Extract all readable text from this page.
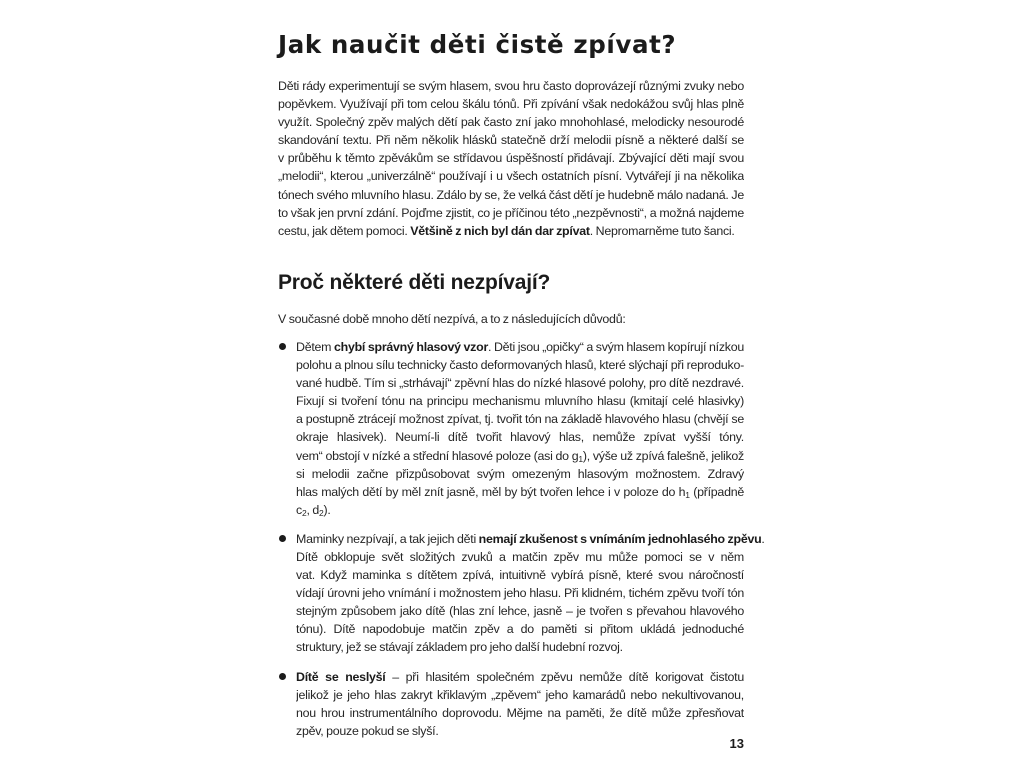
Jak naučit děti čistě zpívat?
Děti rády experimentují se svým hlasem, svou hru často doprovázejí různými zvuky nebo
popěvkem. Využívají při tom celou škálu tónů. Při zpívání však nedokážou svůj hlas plně
využít. Společný zpěv malých dětí pak často zní jako mnohohlasé, melodicky nesourodé
skandování textu. Při něm několik hlásků statečně drží melodii písně a některé další se
v průběhu k těmto zpěvákům se střídavou úspěšností přidávají. Zbývající děti mají svou
„melodii“, kterou „univerzálně“ používají i u všech ostatních písní. Vytvářejí ji na několika
tónech svého mluvního hlasu. Zdálo by se, že velká část dětí je hudebně málo nadaná. Je
to však jen první zdání. Pojďme zjistit, co je příčinou této „nezpěvnosti“, a možná najdeme
cestu, jak dětem pomoci. Většině z nich byl dán dar zpívat. Nepromarněme tuto šanci.
Proč některé děti nezpívají?
V současné době mnoho dětí nezpívá, a to z následujících důvodů:
Dětem chybí správný hlasový vzor. Děti jsou „opičky“ a svým hlasem kopírují nízkou
polohu a plnou sílu technicky často deformovaných hlasů, které slýchají při reproduko-
vané hudbě. Tím si „strhávají“ zpěvní hlas do nízké hlasové polohy, pro dítě nezdravé.
Fixují si tvoření tónu na principu mechanismu mluvního hlasu (kmitají celé hlasivky)
a postupně ztrácejí možnost zpívat, tj. tvořit tón na základě hlavového hlasu (chvějí se
okraje hlasivek). Neumí-li dítě tvořit hlavový hlas, nemůže zpívat vyšší tóny.
vem“ obstojí v nízké a střední hlasové poloze (asi do $g_1$), výše už zpívá falešně, jelikož
si melodii začne přizpůsobovat svým omezeným hlasovým možnostem. Zdravý
hlas malých dětí by měl znít jasně, měl by být tvořen lehce i v poloze do $h_1$ (případně
$c_2$, $d_2$).
Maminky nezpívají, a tak jejich děti nemají zkušenost s vnímáním jednohlasého zpěvu.
Dítě obklopuje svět složitých zvuků a matčin zpěv mu může pomoci se v něm
vat. Když maminka s dítětem zpívá, intuitivně vybírá písně, které svou náročností
vídají úrovni jeho vnímání i možnostem jeho hlasu. Při klidném, tichém zpěvu tvoří tón
stejným způsobem jako dítě (hlas zní lehce, jasně – je tvořen s převahou hlavového
tónu). Dítě napodobuje matčin zpěv a do paměti si přitom ukládá jednoduché
struktury, jež se stávají základem pro jeho další hudební rozvoj.
Dítě se neslyší – při hlasitém společném zpěvu nemůže dítě korigovat čistotu
jelikož je jeho hlas zakryt křiklavým „zpěvem“ jeho kamarádů nebo nekultivovanou,
nou hrou instrumentálního doprovodu. Mějme na paměti, že dítě může zpřesňovat
zpěv, pouze pokud se slyší.
13
